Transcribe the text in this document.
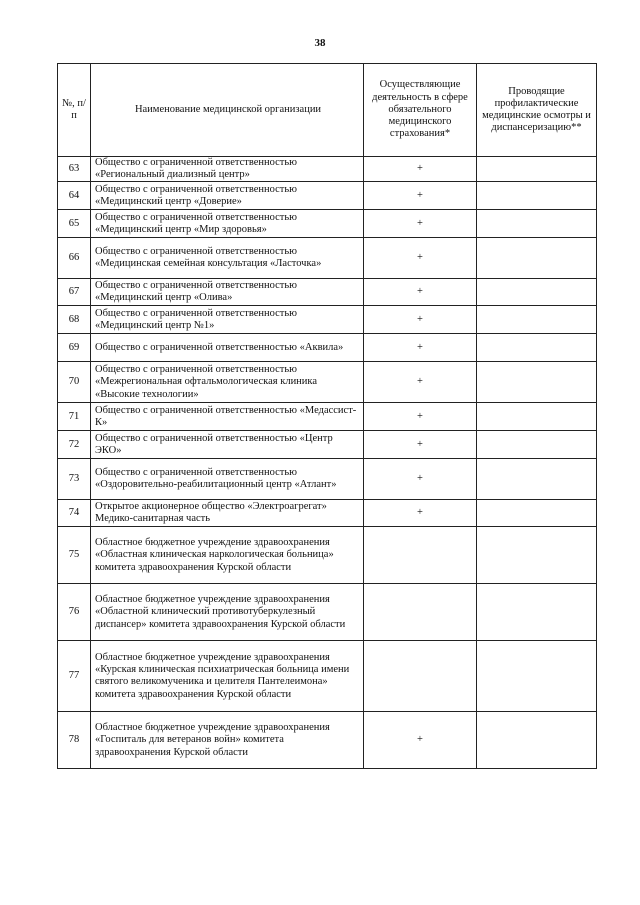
38
№, п/п	Наименование медицинской организации	Осуществляющие деятельность в сфере обязательного медицинского страхования*	Проводящие профилактические медицинские осмотры и диспансеризацию**
63	Общество с ограниченной ответственностью «Региональный диализный центр»	+	
64	Общество с ограниченной ответственностью «Медицинский центр «Доверие»	+	
65	Общество с ограниченной ответственностью «Медицинский центр «Мир здоровья»	+	
66	Общество с ограниченной ответственностью «Медицинская семейная консультация «Ласточка»	+	
67	Общество с ограниченной ответственностью «Медицинский центр «Олива»	+	
68	Общество с ограниченной ответственностью «Медицинский центр №1»	+	
69	Общество с ограниченной ответственностью «Аквила»	+	
70	Общество с ограниченной ответственностью «Межрегиональная офтальмологическая клиника «Высокие технологии»	+	
71	Общество с ограниченной ответственностью «Медассист-К»	+	
72	Общество с ограниченной ответственностью «Центр ЭКО»	+	
73	Общество с ограниченной ответственностью «Оздоровительно-реабилитационный центр «Атлант»	+	
74	Открытое акционерное общество «Электроагрегат» Медико-санитарная часть	+	
75	Областное бюджетное учреждение здравоохранения «Областная клиническая наркологическая больница» комитета здравоохранения Курской области		
76	Областное бюджетное учреждение здравоохранения «Областной клинический противотуберкулезный диспансер» комитета здравоохранения Курской области		
77	Областное бюджетное учреждение здравоохранения «Курская клиническая психиатрическая больница имени святого великомученика и целителя Пантелеимона» комитета здравоохранения Курской области		
78	Областное бюджетное учреждение здравоохранения «Госпиталь для ветеранов войн» комитета здравоохранения Курской области	+	
